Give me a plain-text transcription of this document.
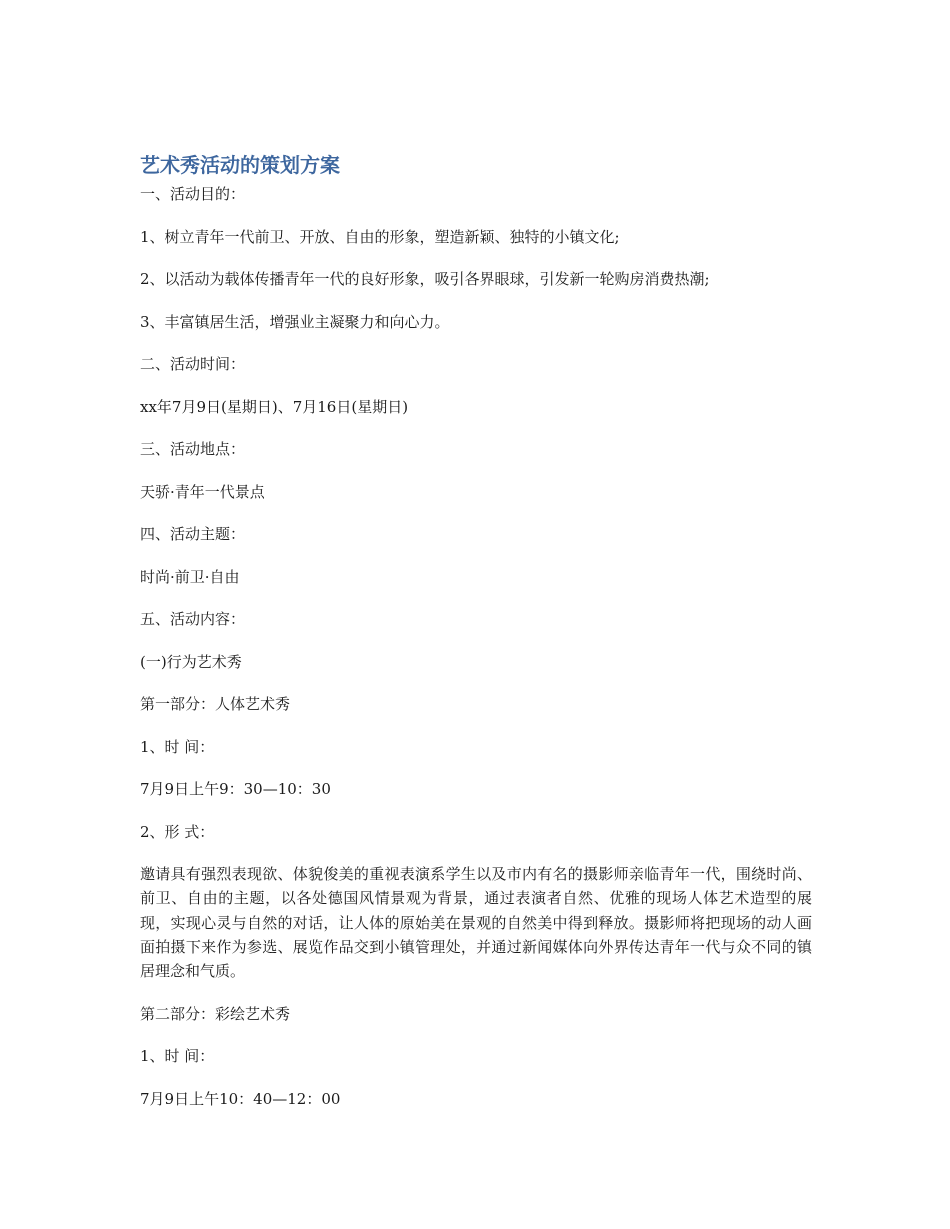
艺术秀活动的策划方案

一、活动目的：

1、树立青年一代前卫、开放、自由的形象，塑造新颖、独特的小镇文化;

2、以活动为载体传播青年一代的良好形象，吸引各界眼球，引发新一轮购房消费热潮;

3、丰富镇居生活，增强业主凝聚力和向心力。

二、活动时间：

xx年7月9日(星期日)、7月16日(星期日)

三、活动地点：

天骄·青年一代景点

四、活动主题：

时尚·前卫·自由

五、活动内容：

(一)行为艺术秀

第一部分：人体艺术秀

1、时 间：

7月9日上午9：30—10：30

2、形 式：

邀请具有强烈表现欲、体貌俊美的重视表演系学生以及市内有名的摄影师亲临青年一代，围绕时尚、前卫、自由的主题，以各处德国风情景观为背景，通过表演者自然、优雅的现场人体艺术造型的展现，实现心灵与自然的对话，让人体的原始美在景观的自然美中得到释放。摄影师将把现场的动人画面拍摄下来作为参选、展览作品交到小镇管理处，并通过新闻媒体向外界传达青年一代与众不同的镇居理念和气质。

第二部分：彩绘艺术秀

1、时 间：

7月9日上午10：40—12：00
